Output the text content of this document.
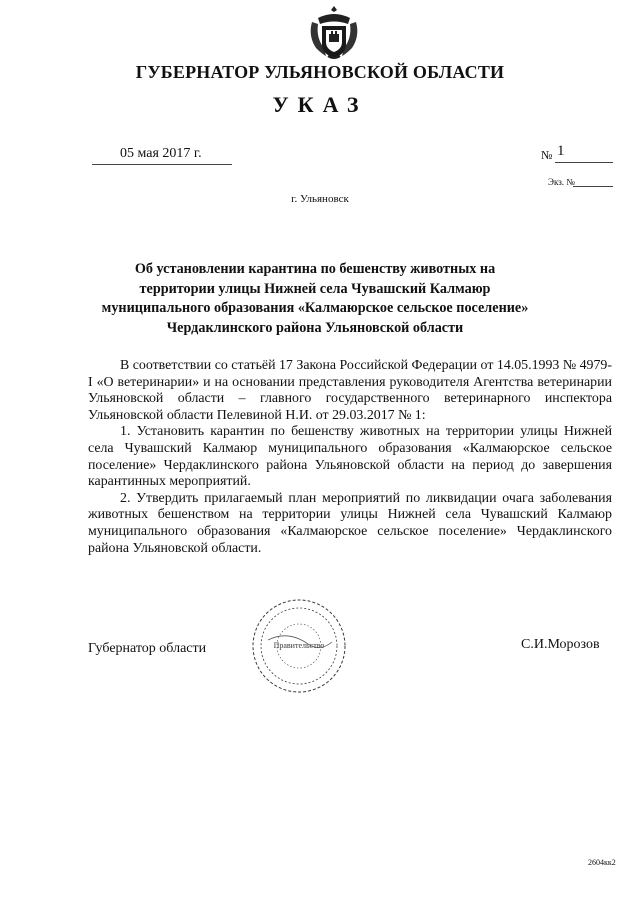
ГУБЕРНАТОР УЛЬЯНОВСКОЙ ОБЛАСТИ
УКАЗ
05 мая 2017 г.	№ 1
Экз. №
г. Ульяновск
Об установлении карантина по бешенству животных на территории улицы Нижней села Чувашский Калмаюр муниципального образования «Калмаюрское сельское поселение» Чердаклинского района Ульяновской области

В соответствии со статьёй 17 Закона Российской Федерации от 14.05.1993 № 4979-I «О ветеринарии» и на основании представления руководителя Агентства ветеринарии Ульяновской области – главного государственного ветеринарного инспектора Ульяновской области Пелевиной Н.И. от 29.03.2017 № 1:

1. Установить карантин по бешенству животных на территории улицы Нижней села Чувашский Калмаюр муниципального образования «Калмаюрское сельское поселение» Чердаклинского района Ульяновской области на период до завершения карантинных мероприятий.

2. Утвердить прилагаемый план мероприятий по ликвидации очага заболевания животных бешенством на территории улицы Нижней села Чувашский Калмаюр муниципального образования «Калмаюрское сельское поселение» Чердаклинского района Ульяновской области.

Губернатор области	Правительство	С.И.Морозов
2604кк2
